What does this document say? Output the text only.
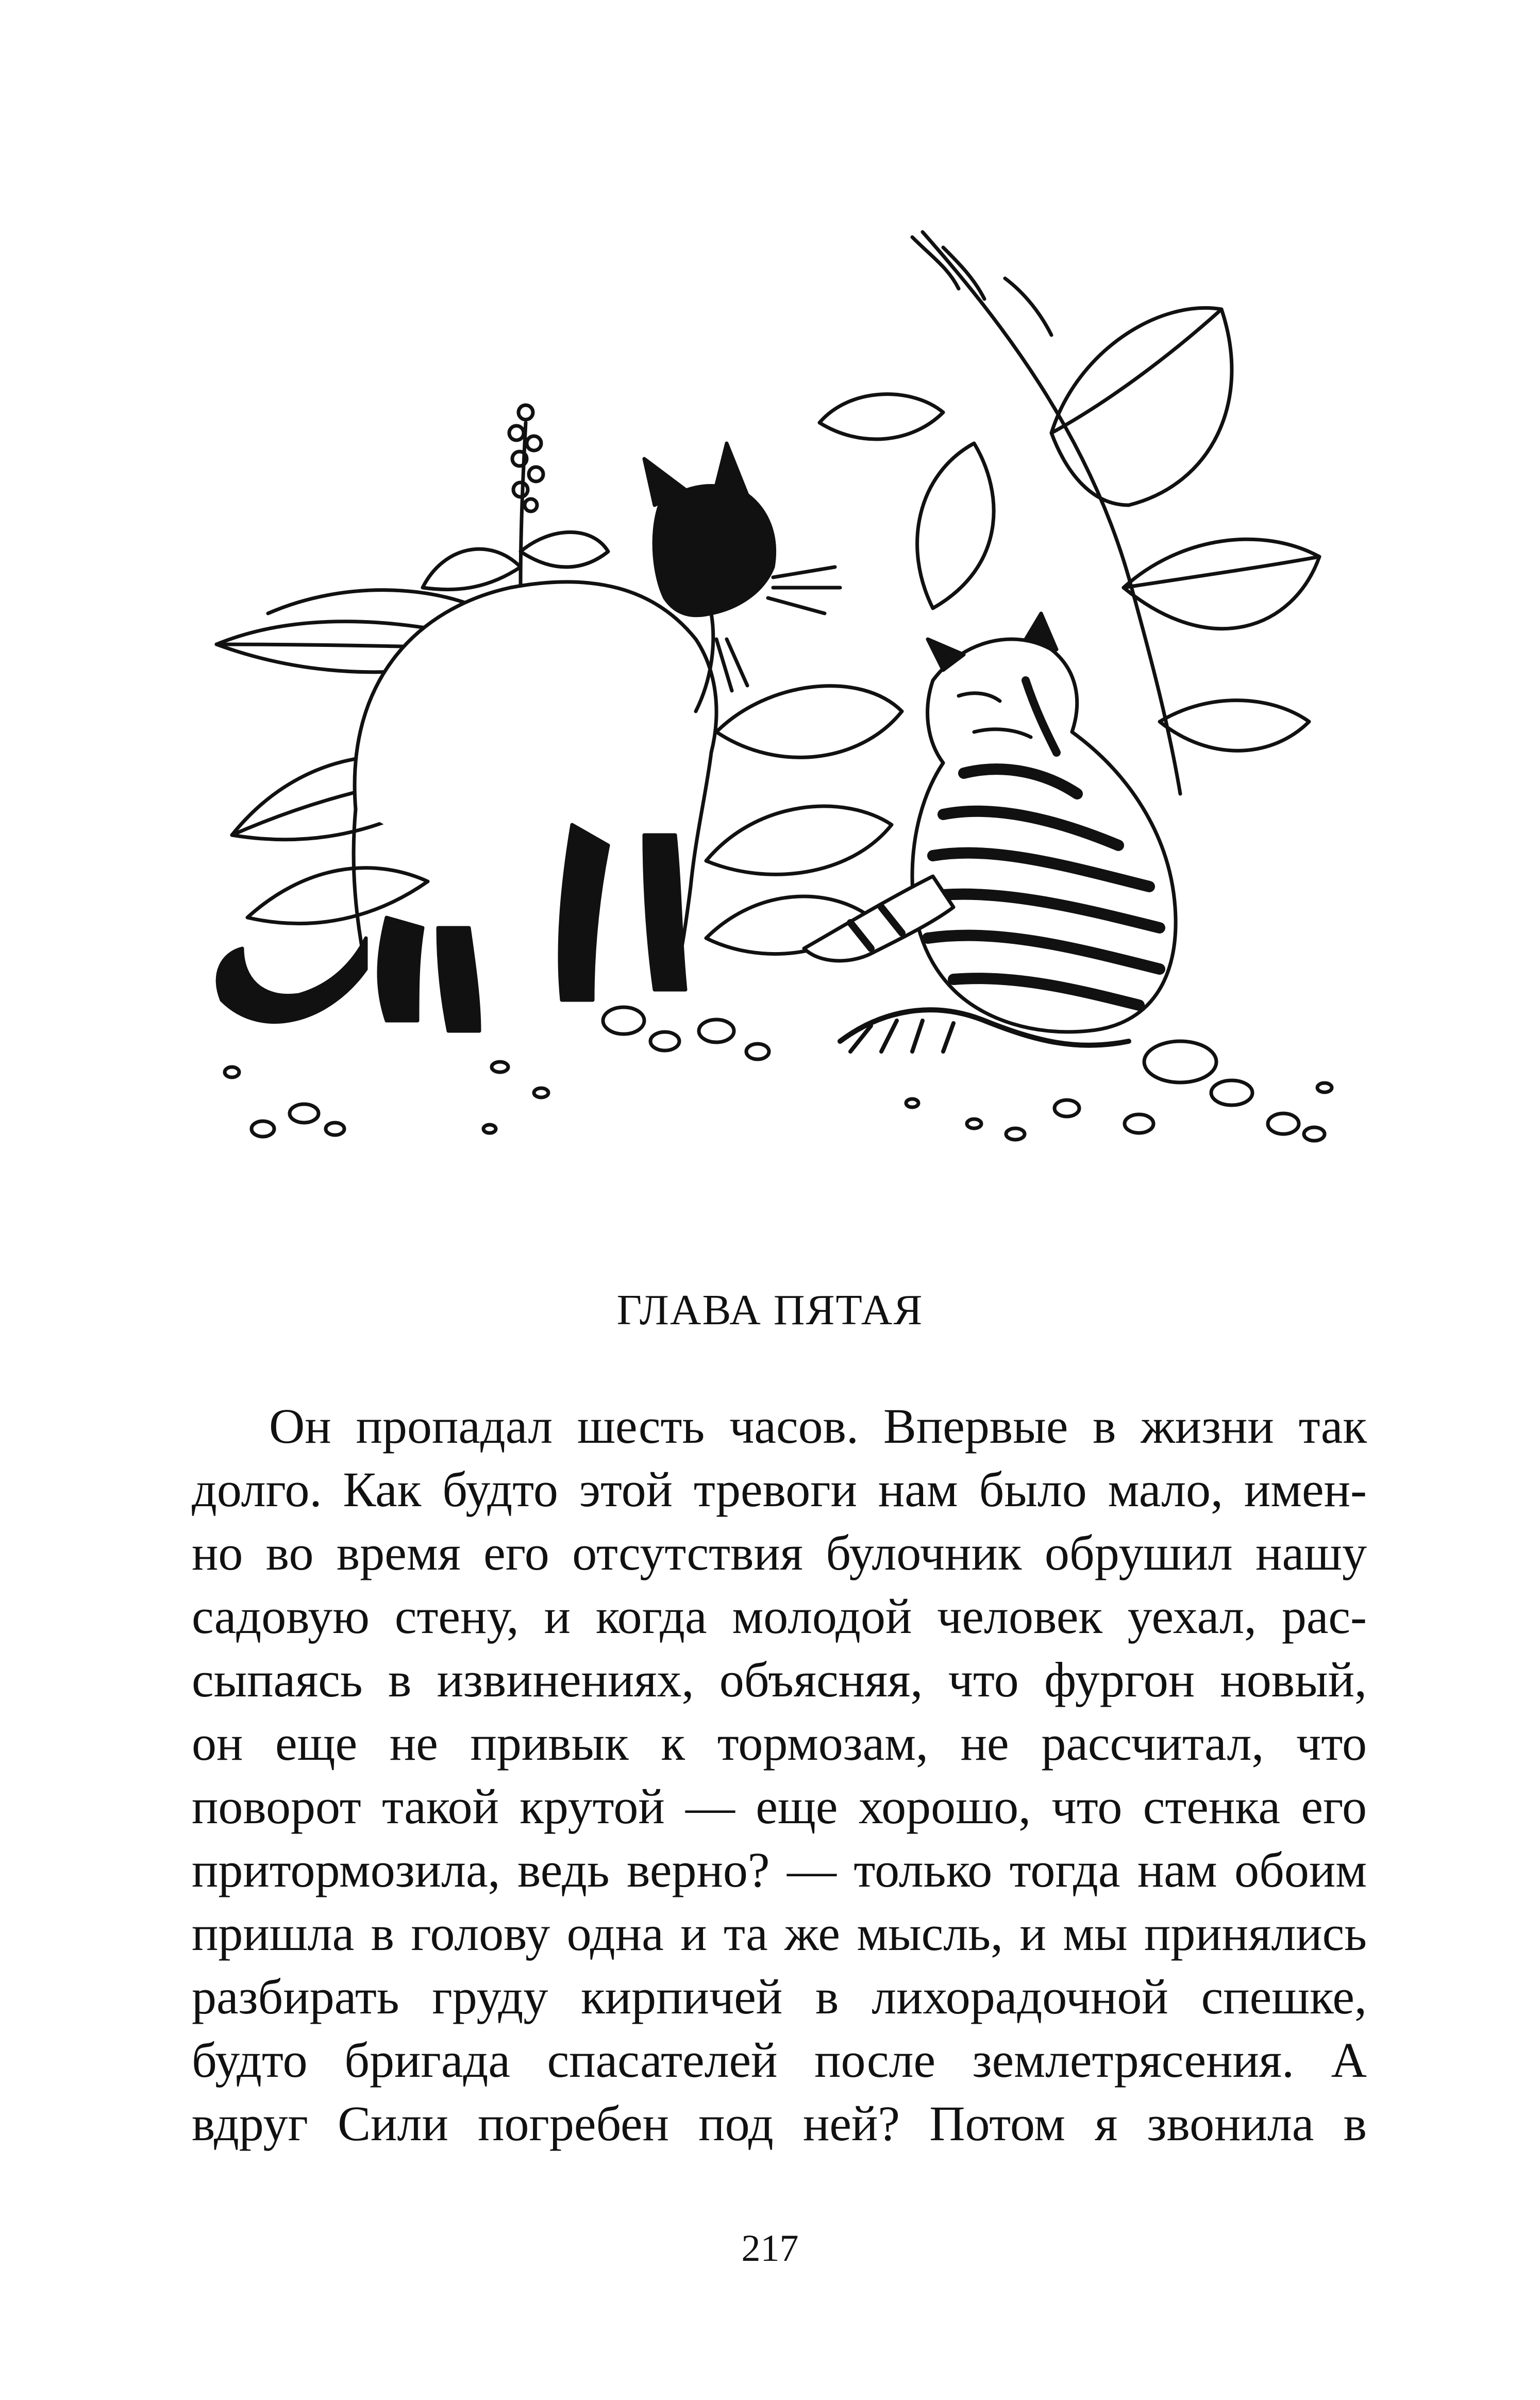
ГЛАВА ПЯТАЯ
Он пропадал шесть часов. Впервые в жизни так
долго. Как будто этой тревоги нам было мало, имен-
но во время его отсутствия булочник обрушил нашу
садовую стену, и когда молодой человек уехал, рас-
сыпаясь в извинениях, объясняя, что фургон новый,
он еще не привык к тормозам, не рассчитал, что
поворот такой крутой — еще хорошо, что стенка его
притормозила, ведь верно? — только тогда нам обоим
пришла в голову одна и та же мысль, и мы принялись
разбирать груду кирпичей в лихорадочной спешке,
будто бригада спасателей после землетрясения. А
вдруг Сили погребен под ней? Потом я звонила в
217
